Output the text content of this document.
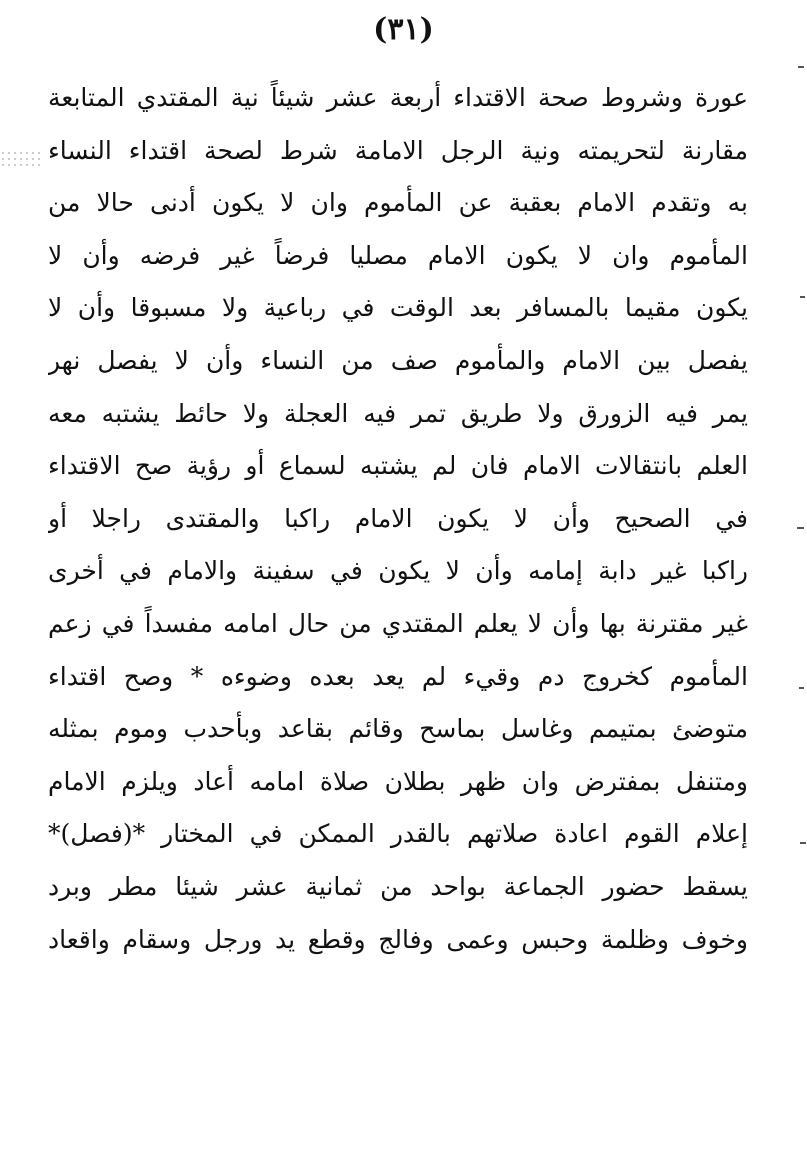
(٣١)
عورة وشروط صحة الاقتداء أربعة عشر شيئاً نية المقتدي المتابعة
مقارنة لتحريمته ونية الرجل الامامة شرط لصحة اقتداء النساء
به وتقدم الامام بعقبة عن المأموم وان لا يكون أدنى حالا من
المأموم وان لا يكون الامام مصليا فرضاً غير فرضه وأن لا
يكون مقيما بالمسافر بعد الوقت في رباعية ولا مسبوقا وأن لا
يفصل بين الامام والمأموم صف من النساء وأن لا يفصل نهر
يمر فيه الزورق ولا طريق تمر فيه العجلة ولا حائط يشتبه معه
العلم بانتقالات الامام فان لم يشتبه لسماع أو رؤية صح الاقتداء
في الصحيح وأن لا يكون الامام راكبا والمقتدى راجلا أو
راكبا غير دابة إمامه وأن لا يكون في سفينة والامام في أخرى
غير مقترنة بها وأن لا يعلم المقتدي من حال امامه مفسداً في زعم
المأموم كخروج دم وقيء لم يعد بعده وضوءه * وصح اقتداء
متوضئ بمتيمم وغاسل بماسح وقائم بقاعد وبأحدب وموم بمثله
ومتنفل بمفترض وان ظهر بطلان صلاة امامه أعاد ويلزم الامام
إعلام القوم اعادة صلاتهم بالقدر الممكن في المختار *(فصل)*
يسقط حضور الجماعة بواحد من ثمانية عشر شيئا مطر وبرد
وخوف وظلمة وحبس وعمى وفالج وقطع يد ورجل وسقام واقعاد
